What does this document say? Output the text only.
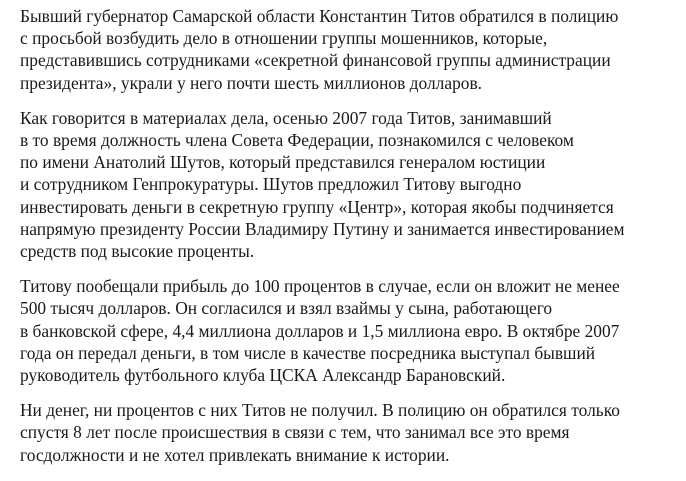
Бывший губернатор Самарской области Константин Титов обратился в полицию
с просьбой возбудить дело в отношении группы мошенников, которые,
представившись сотрудниками «секретной финансовой группы администрации
президента», украли у него почти шесть миллионов долларов.
Как говорится в материалах дела, осенью 2007 года Титов, занимавший
в то время должность члена Совета Федерации, познакомился с человеком
по имени Анатолий Шутов, который представился генералом юстиции
и сотрудником Генпрокуратуры. Шутов предложил Титову выгодно
инвестировать деньги в секретную группу «Центр», которая якобы подчиняется
напрямую президенту России Владимиру Путину и занимается инвестированием
средств под высокие проценты.
Титову пообещали прибыль до 100 процентов в случае, если он вложит не менее
500 тысяч долларов. Он согласился и взял взаймы у сына, работающего
в банковской сфере, 4,4 миллиона долларов и 1,5 миллиона евро. В октябре 2007
года он передал деньги, в том числе в качестве посредника выступал бывший
руководитель футбольного клуба ЦСКА Александр Барановский.
Ни денег, ни процентов с них Титов не получил. В полицию он обратился только
спустя 8 лет после происшествия в связи с тем, что занимал все это время
госдолжности и не хотел привлекать внимание к истории.
